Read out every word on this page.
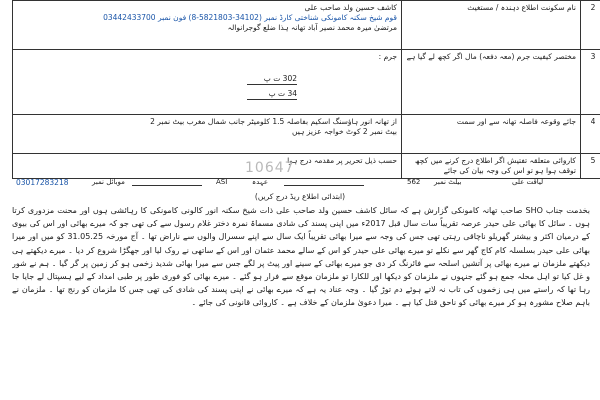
کاشف حسین ولد صاحب علی
قوم شیخ سکنہ کامونکی شناختی کارڈ نمبر (34102-5821803-8) فون نمبر 03442433700
مرتضیٰ میرہ محمد نصیر آباد تھانہ ہذا ضلع گوجرانوالہ	نام سکونت اطلاع دہندہ / مستغیث	2

جرم :
302 ت پ
34 ت پ	مختصر کیفیت جرم (معہ دفعہ) مال اگر کچھ لے گیا ہے	3

از تھانہ انور ہاؤسنگ اسکیم بفاصلہ 1.5 کلومیٹر جانب شمال مغرب بیٹ نمبر 2
بیٹ نمبر 2 کوٹ خواجہ عزیز ہیں	جائے وقوعہ فاصلہ تھانہ سے اور سمت	4
حسب ذیل تحریر پر مقدمہ درج ہوا	کاروائی متعلقہ تفتیش اگر اطلاع درج کرنے میں کچھ توقف ہوا ہو تو اس کی وجہ بیان کی جائے	5
10647
03017283218	موبائل نمبر	ASI	عہدہ	562 بیلٹ نمبر	لیاقت علی
(ابتدائی اطلاع ریڈ درج کریں)

بخدمت جناب SHO صاحب تھانہ کامونکی گزارش ہے کہ سائل کاشف حسین ولد صاحب علی ذات شیخ سکنہ انور کالونی کامونکی کا رہائشی ہوں اور محنت مزدوری کرتا ہوں ۔ سائل کا بھائی علی حیدر عرصہ تقریباً سات سال قبل 2017ء میں اپنی پسند کی شادی مسماۃ نمرہ دختر غلام رسول سے کی تھی جو کہ میرے بھائی اور اس کی بیوی کے درمیان اکثر و بیشتر گھریلو ناچاقی رہتی تھی جس کی وجہ سے میرا بھائی تقریباً ایک سال سے اپنے سسرال والوں سے ناراض تھا ۔ آج مورخہ 31.05.25 کو میں اور میرا بھائی علی حیدر بسلسلہ کام کاج گھر سے نکلے تو میرے بھائی علی حیدر کو اس کے سالے محمد عثمان اور اس کے ساتھی نے روک لیا اور جھگڑا شروع کر دیا ۔ میرے دیکھتے ہی دیکھتے ملزمان نے میرے بھائی پر آتشیں اسلحہ سے فائرنگ کر دی جو میرے بھائی کے سینے اور پیٹ پر لگے جس سے میرا بھائی شدید زخمی ہو کر زمین پر گر گیا ۔ ہم نے شور و غل کیا تو اہل محلہ جمع ہو گئے جنہوں نے ملزمان کو دیکھا اور للکارا تو ملزمان موقع سے فرار ہو گئے ۔ میرے بھائی کو فوری طور پر طبی امداد کے لیے ہسپتال لے جایا جا رہا تھا کہ راستے میں ہی زخموں کی تاب نہ لاتے ہوئے دم توڑ گیا ۔ وجہ عناد یہ ہے کہ میرے بھائی نے اپنی پسند کی شادی کی تھی جس کا ملزمان کو رنج تھا ۔ ملزمان نے باہم صلاح مشورہ ہو کر میرے بھائی کو ناحق قتل کیا ہے ۔ میرا دعویٰ ملزمان کے خلاف ہے ۔ کاروائی قانونی کی جائے ۔
